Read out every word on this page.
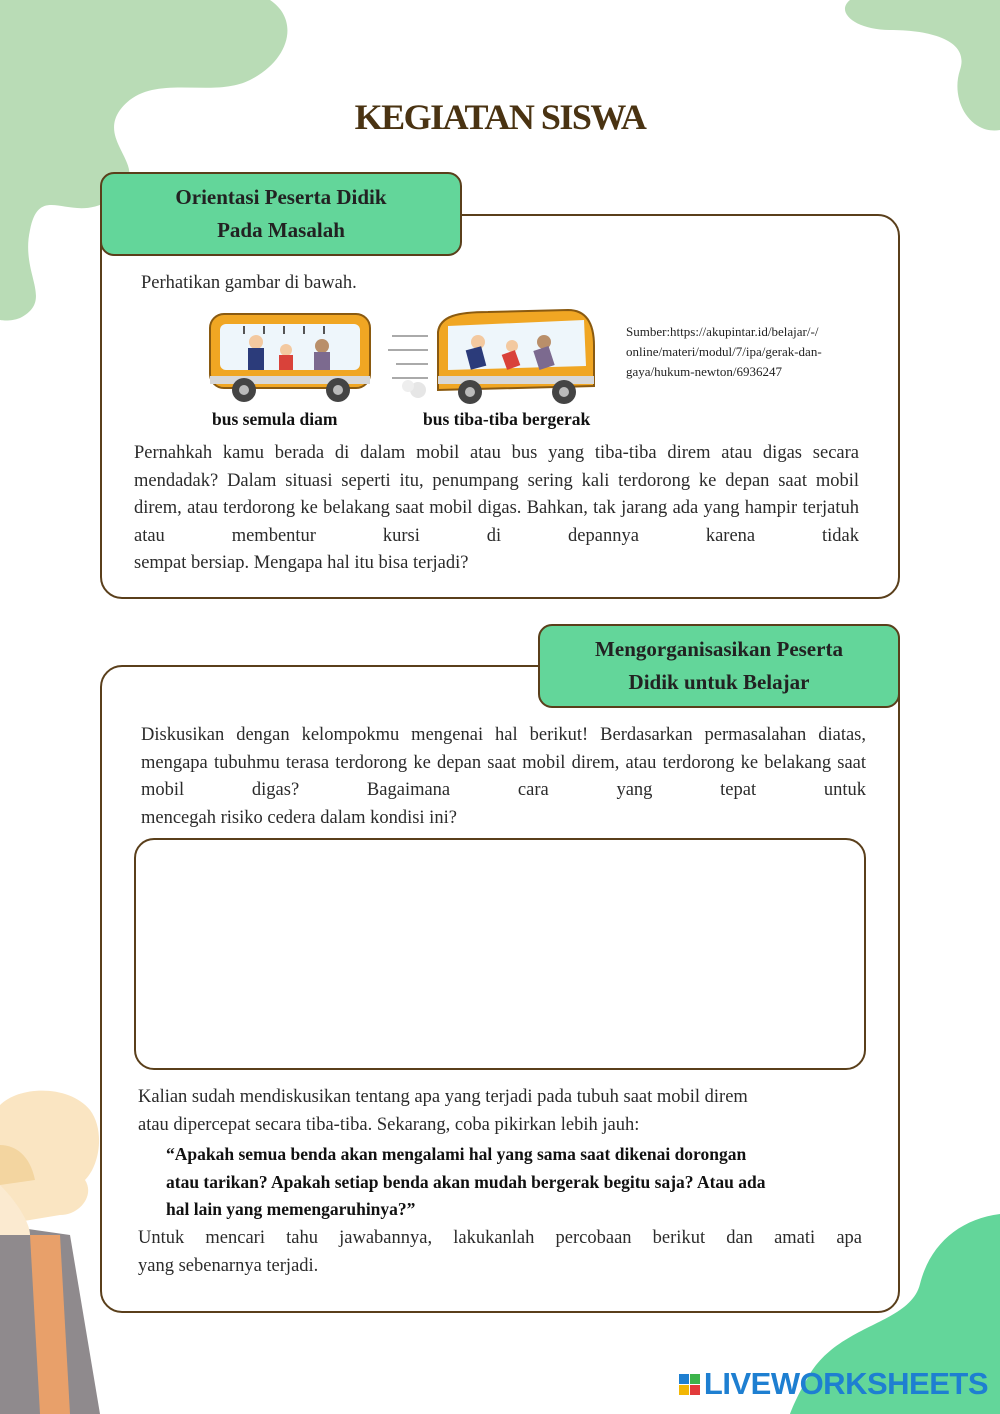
KEGIATAN SISWA
Orientasi Peserta Didik
Pada Masalah
Perhatikan gambar di bawah.
bus semula diam	bus tiba-tiba bergerak
Sumber:https://akupintar.id/belajar/-/
online/materi/modul/7/ipa/gerak-dan-
gaya/hukum-newton/6936247
Pernahkah kamu berada di dalam mobil atau bus yang tiba-tiba direm atau digas secara mendadak? Dalam situasi seperti itu, penumpang sering kali terdorong ke depan saat mobil direm, atau terdorong ke belakang saat mobil digas. Bahkan, tak jarang ada yang hampir terjatuh atau membentur kursi di depannya karena tidak
sempat bersiap. Mengapa hal itu bisa terjadi?
Mengorganisasikan Peserta
Didik untuk Belajar
Diskusikan dengan kelompokmu mengenai hal berikut! Berdasarkan permasalahan diatas, mengapa tubuhmu terasa terdorong ke depan saat mobil direm, atau terdorong ke belakang saat mobil digas? Bagaimana cara yang tepat untuk
mencegah risiko cedera dalam kondisi ini?
Kalian sudah mendiskusikan tentang apa yang terjadi pada tubuh saat mobil direm
atau dipercepat secara tiba-tiba. Sekarang, coba pikirkan lebih jauh:
“Apakah semua benda akan mengalami hal yang sama saat dikenai dorongan
atau tarikan? Apakah setiap benda akan mudah bergerak begitu saja? Atau ada
hal lain yang memengaruhinya?”
Untuk mencari tahu jawabannya, lakukanlah percobaan berikut dan amati apa
yang sebenarnya terjadi.
LIVE WORKSHEETS
